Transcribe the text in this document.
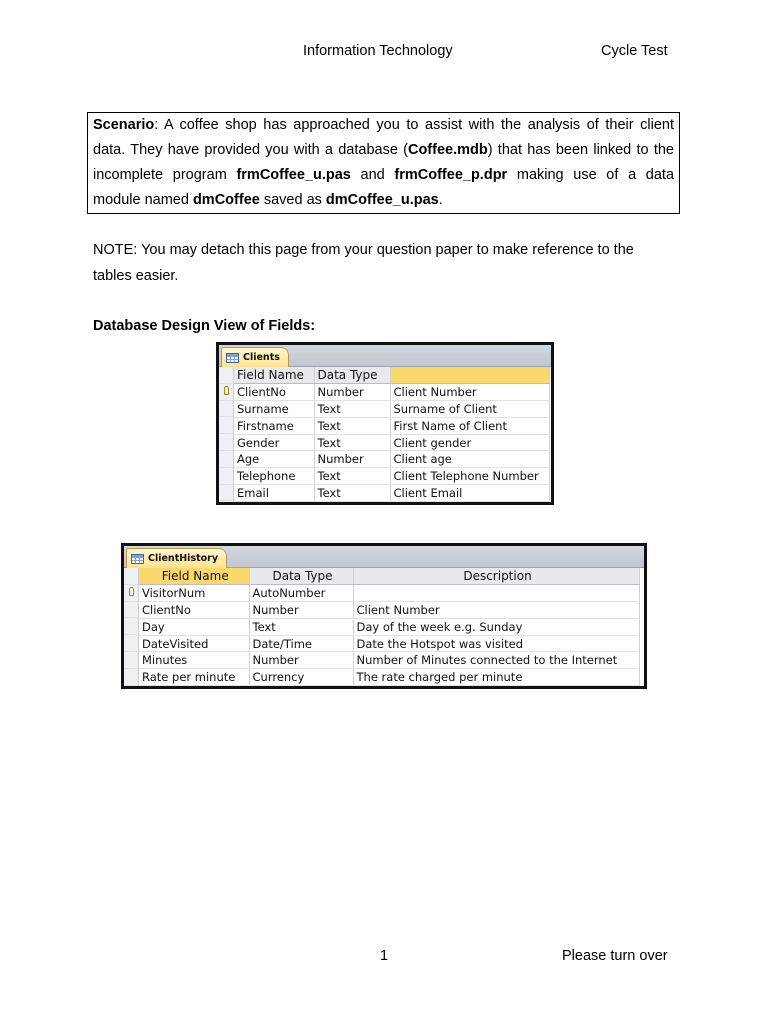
Information Technology	Cycle Test

Scenario: A coffee shop has approached you to assist with the analysis of their client data. They have provided you with a database (Coffee.mdb) that has been linked to the incomplete program frmCoffee_u.pas and frmCoffee_p.dpr making use of a data module named dmCoffee saved as dmCoffee_u.pas.

NOTE: You may detach this page from your question paper to make reference to the tables easier.

Database Design View of Fields:

Clients
Field Name	Data Type	
ClientNo	Number	Client Number
Surname	Text	Surname of Client
Firstname	Text	First Name of Client
Gender	Text	Client gender
Age	Number	Client age
Telephone	Text	Client Telephone Number
Email	Text	Client Email
ClientHistory
Field Name	Data Type	Description
VisitorNum	AutoNumber	
ClientNo	Number	Client Number
Day	Text	Day of the week e.g. Sunday
DateVisited	Date/Time	Date the Hotspot was visited
Minutes	Number	Number of Minutes connected to the Internet
Rate per minute	Currency	The rate charged per minute
1	Please turn over
